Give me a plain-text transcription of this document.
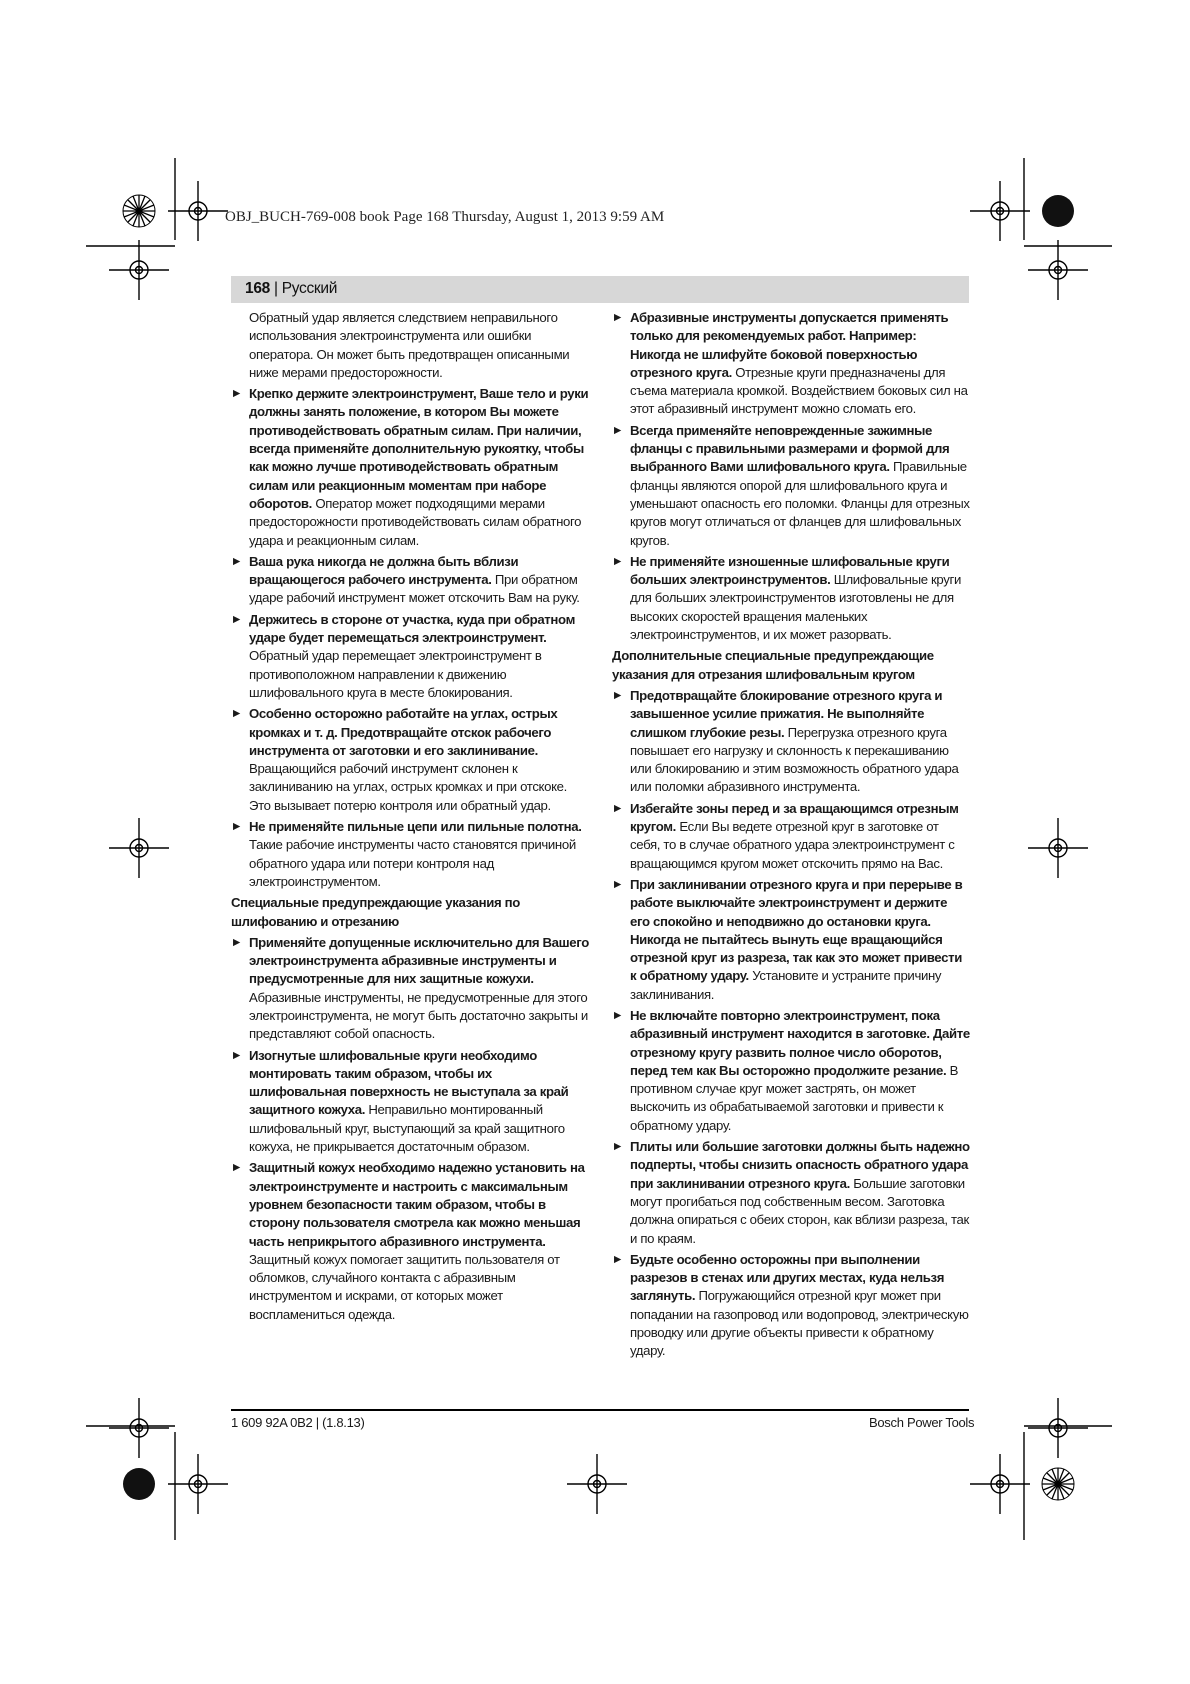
OBJ_BUCH-769-008 book Page 168 Thursday, August 1, 2013 9:59 AM
168 | Русский

Обратный удар является следствием неправильного использования электроинструмента или ошибки оператора. Он может быть предотвращен описанными ниже мерами предосторожности.

▶ Крепко держите электроинструмент, Ваше тело и руки должны занять положение, в котором Вы можете противодействовать обратным силам. При наличии, всегда применяйте дополнительную рукоятку, чтобы как можно лучше противодействовать обратным силам или реакционным моментам при наборе оборотов. Оператор может подходящими мерами предосторожности противодействовать силам обратного удара и реакционным силам.

▶ Ваша рука никогда не должна быть вблизи вращающегося рабочего инструмента. При обратном ударе рабочий инструмент может отскочить Вам на руку.

▶ Держитесь в стороне от участка, куда при обратном ударе будет перемещаться электроинструмент. Обратный удар перемещает электроинструмент в противоположном направлении к движению шлифовального круга в месте блокирования.

▶ Особенно осторожно работайте на углах, острых кромках и т. д. Предотвращайте отскок рабочего инструмента от заготовки и его заклинивание. Вращающийся рабочий инструмент склонен к заклиниванию на углах, острых кромках и при отскоке. Это вызывает потерю контроля или обратный удар.

▶ Не применяйте пильные цепи или пильные полотна. Такие рабочие инструменты часто становятся причиной обратного удара или потери контроля над электроинструментом.

Специальные предупреждающие указания по шлифованию и отрезанию

▶ Применяйте допущенные исключительно для Вашего электроинструмента абразивные инструменты и предусмотренные для них защитные кожухи. Абразивные инструменты, не предусмотренные для этого электроинструмента, не могут быть достаточно закрыты и представляют собой опасность.

▶ Изогнутые шлифовальные круги необходимо монтировать таким образом, чтобы их шлифовальная поверхность не выступала за край защитного кожуха. Неправильно монтированный шлифовальный круг, выступающий за край защитного кожуха, не прикрывается достаточным образом.

▶ Защитный кожух необходимо надежно установить на электроинструменте и настроить с максимальным уровнем безопасности таким образом, чтобы в сторону пользователя смотрела как можно меньшая часть неприкрытого абразивного инструмента. Защитный кожух помогает защитить пользователя от обломков, случайного контакта с абразивным инструментом и искрами, от которых может воспламениться одежда.

▶ Абразивные инструменты допускается применять только для рекомендуемых работ. Например: Никогда не шлифуйте боковой поверхностью отрезного круга. Отрезные круги предназначены для съема материала кромкой. Воздействием боковых сил на этот абразивный инструмент можно сломать его.

▶ Всегда применяйте неповрежденные зажимные фланцы с правильными размерами и формой для выбранного Вами шлифовального круга. Правильные фланцы являются опорой для шлифовального круга и уменьшают опасность его поломки. Фланцы для отрезных кругов могут отличаться от фланцев для шлифовальных кругов.

▶ Не применяйте изношенные шлифовальные круги больших электроинструментов. Шлифовальные круги для больших электроинструментов изготовлены не для высоких скоростей вращения маленьких электроинструментов, и их может разорвать.

Дополнительные специальные предупреждающие указания для отрезания шлифовальным кругом

▶ Предотвращайте блокирование отрезного круга и завышенное усилие прижатия. Не выполняйте слишком глубокие резы. Перегрузка отрезного круга повышает его нагрузку и склонность к перекашиванию или блокированию и этим возможность обратного удара или поломки абразивного инструмента.

▶ Избегайте зоны перед и за вращающимся отрезным кругом. Если Вы ведете отрезной круг в заготовке от себя, то в случае обратного удара электроинструмент с вращающимся кругом может отскочить прямо на Вас.

▶ При заклинивании отрезного круга и при перерыве в работе выключайте электроинструмент и держите его спокойно и неподвижно до остановки круга. Никогда не пытайтесь вынуть еще вращающийся отрезной круг из разреза, так как это может привести к обратному удару. Установите и устраните причину заклинивания.

▶ Не включайте повторно электроинструмент, пока абразивный инструмент находится в заготовке. Дайте отрезному кругу развить полное число оборотов, перед тем как Вы осторожно продолжите резание. В противном случае круг может застрять, он может выскочить из обрабатываемой заготовки и привести к обратному удару.

▶ Плиты или большие заготовки должны быть надежно подперты, чтобы снизить опасность обратного удара при заклинивании отрезного круга. Большие заготовки могут прогибаться под собственным весом. Заготовка должна опираться с обеих сторон, как вблизи разреза, так и по краям.

▶ Будьте особенно осторожны при выполнении разрезов в стенах или других местах, куда нельзя заглянуть. Погружающийся отрезной круг может при попадании на газопровод или водопровод, электрическую проводку или другие объекты привести к обратному удару.

1 609 92A 0B2 | (1.8.13)	Bosch Power Tools
